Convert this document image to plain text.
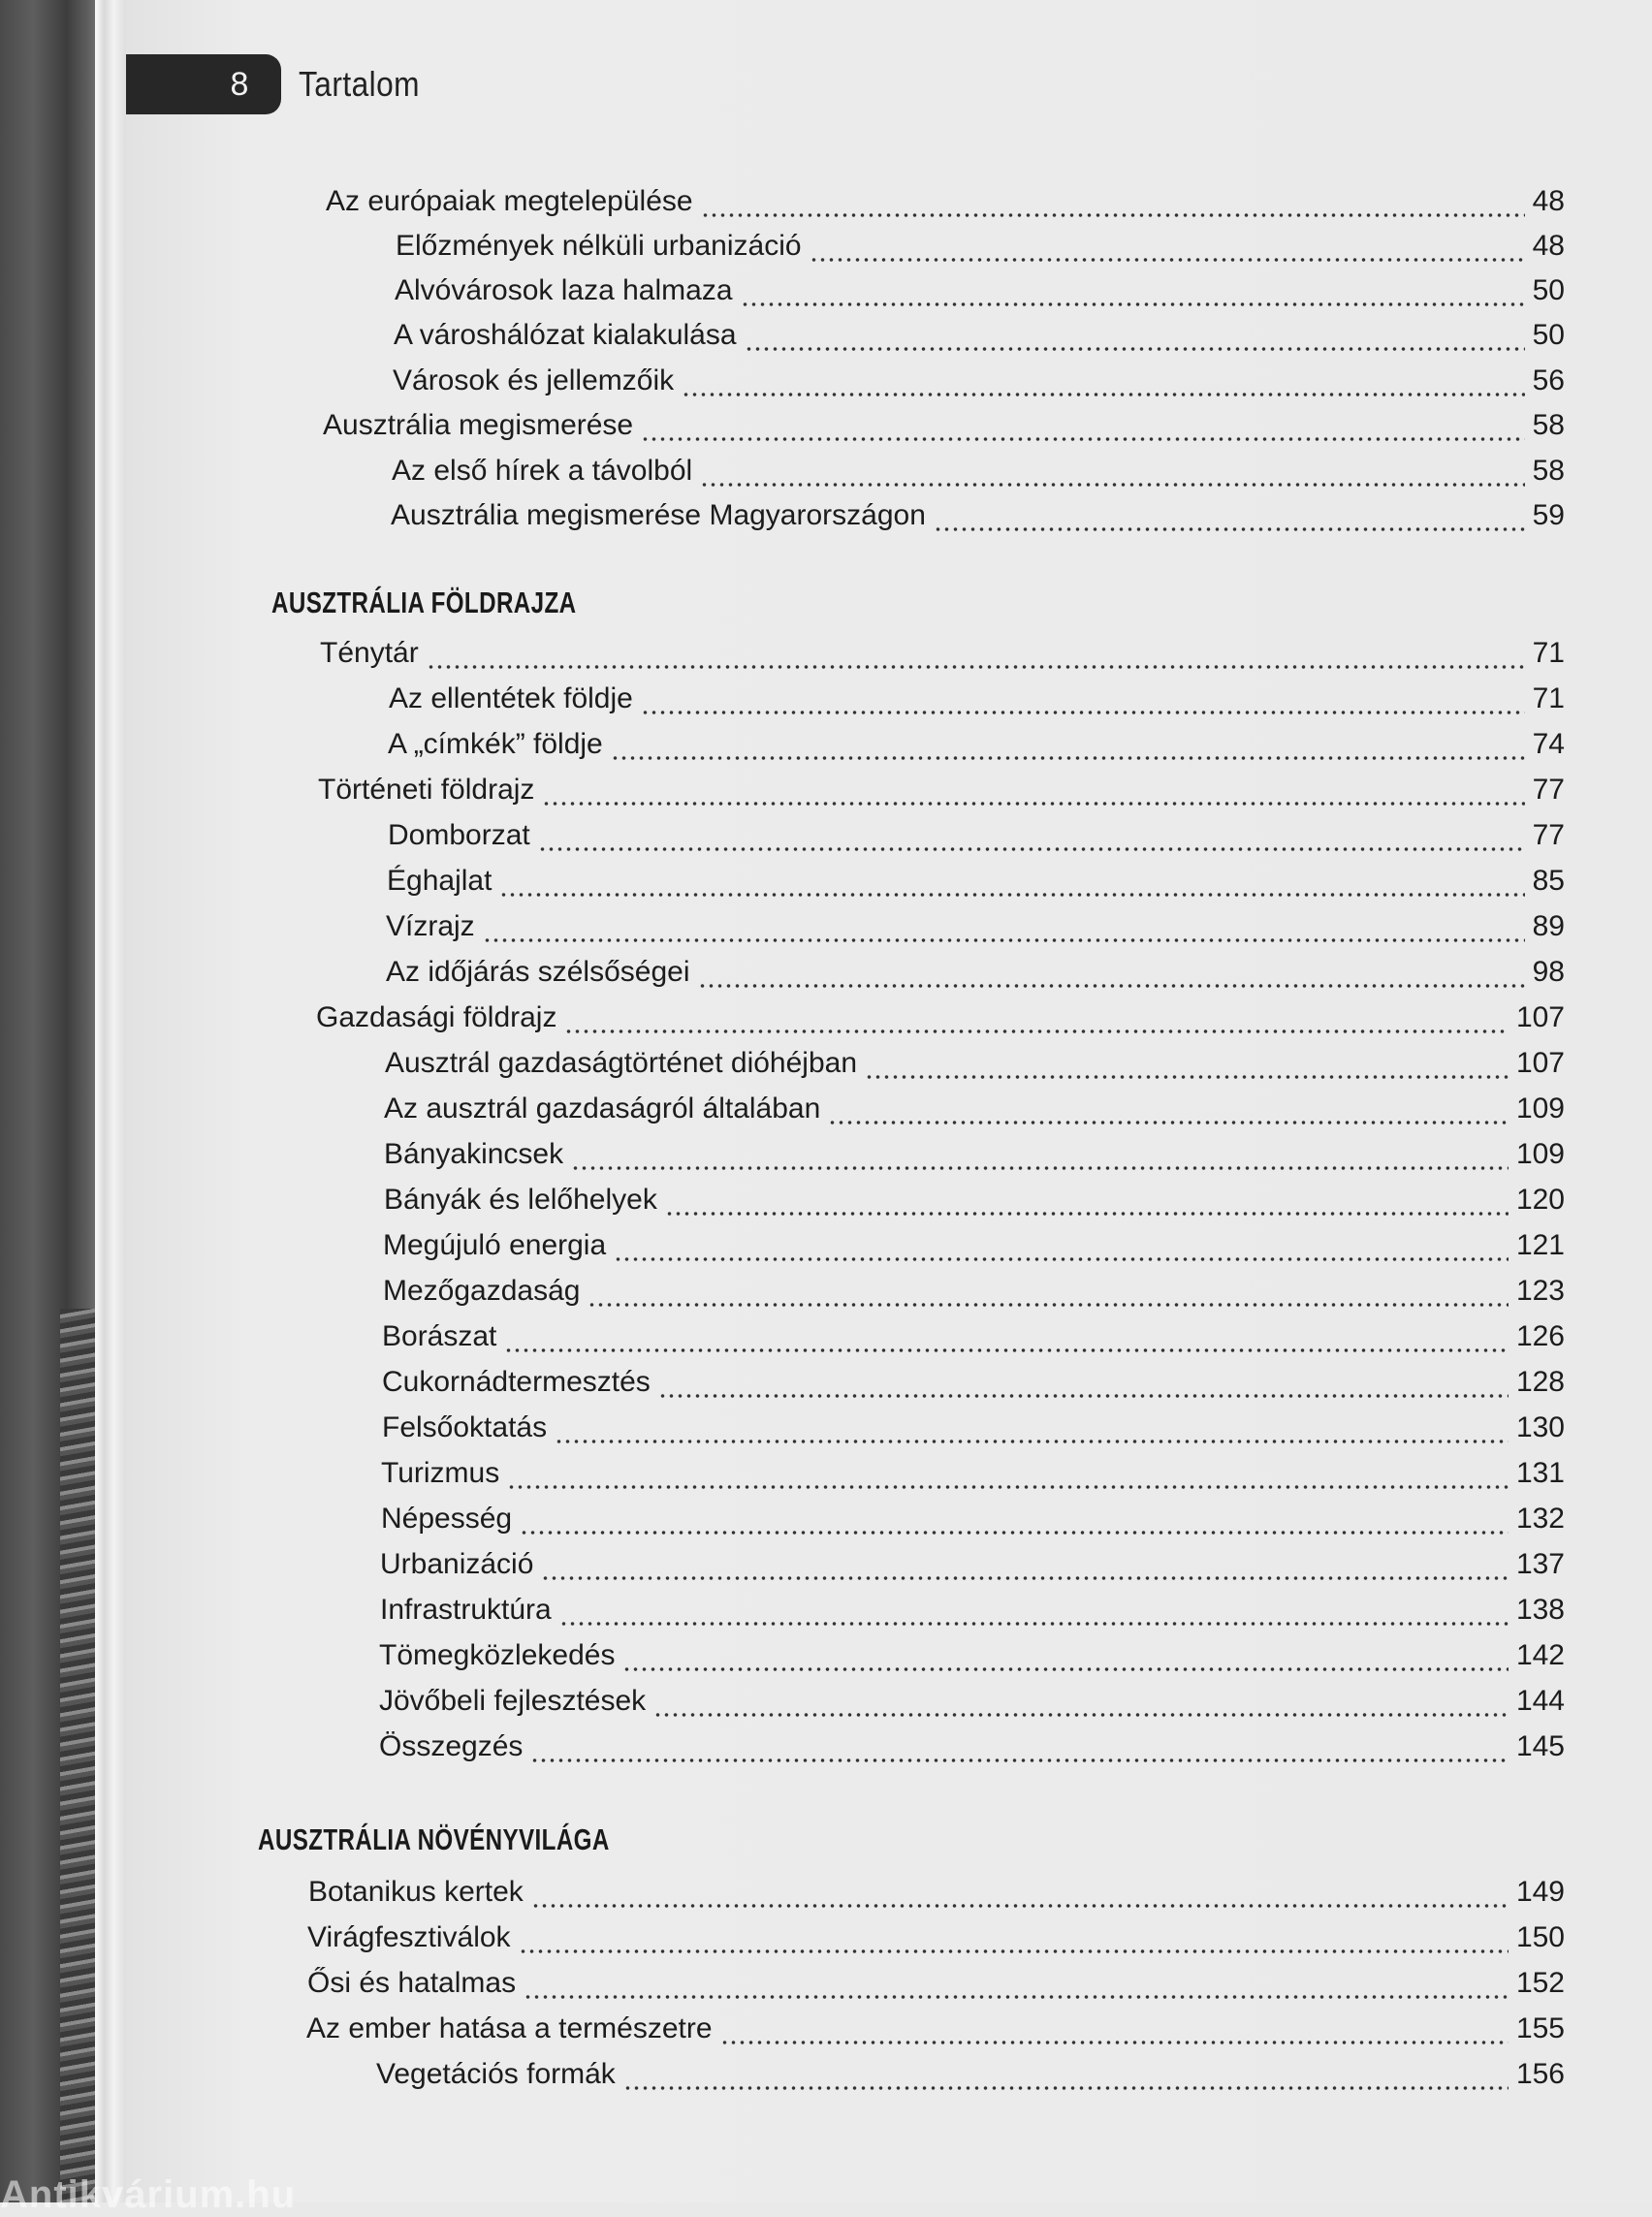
8 Tartalom
Az európaiak megtelepülése	48
Előzmények nélküli urbanizáció	48
Alvóvárosok laza halmaza	50
A városhálózat kialakulása	50
Városok és jellemzőik	56
Ausztrália megismerése	58
Az első hírek a távolból	58
Ausztrália megismerése Magyarországon	59
AUSZTRÁLIA FÖLDRAJZA
Ténytár	71
Az ellentétek földje	71
A „címkék” földje	74
Történeti földrajz	77
Domborzat	77
Éghajlat	85
Vízrajz	89
Az időjárás szélsőségei	98
Gazdasági földrajz	107
Ausztrál gazdaságtörténet dióhéjban	107
Az ausztrál gazdaságról általában	109
Bányakincsek	109
Bányák és lelőhelyek	120
Megújuló energia	121
Mezőgazdaság	123
Borászat	126
Cukornádtermesztés	128
Felsőoktatás	130
Turizmus	131
Népesség	132
Urbanizáció	137
Infrastruktúra	138
Tömegközlekedés	142
Jövőbeli fejlesztések	144
Összegzés	145
AUSZTRÁLIA NÖVÉNYVILÁGA
Botanikus kertek	149
Virágfesztiválok	150
Ősi és hatalmas	152
Az ember hatása a természetre	155
Vegetációs formák	156
Antikvárium.hu
